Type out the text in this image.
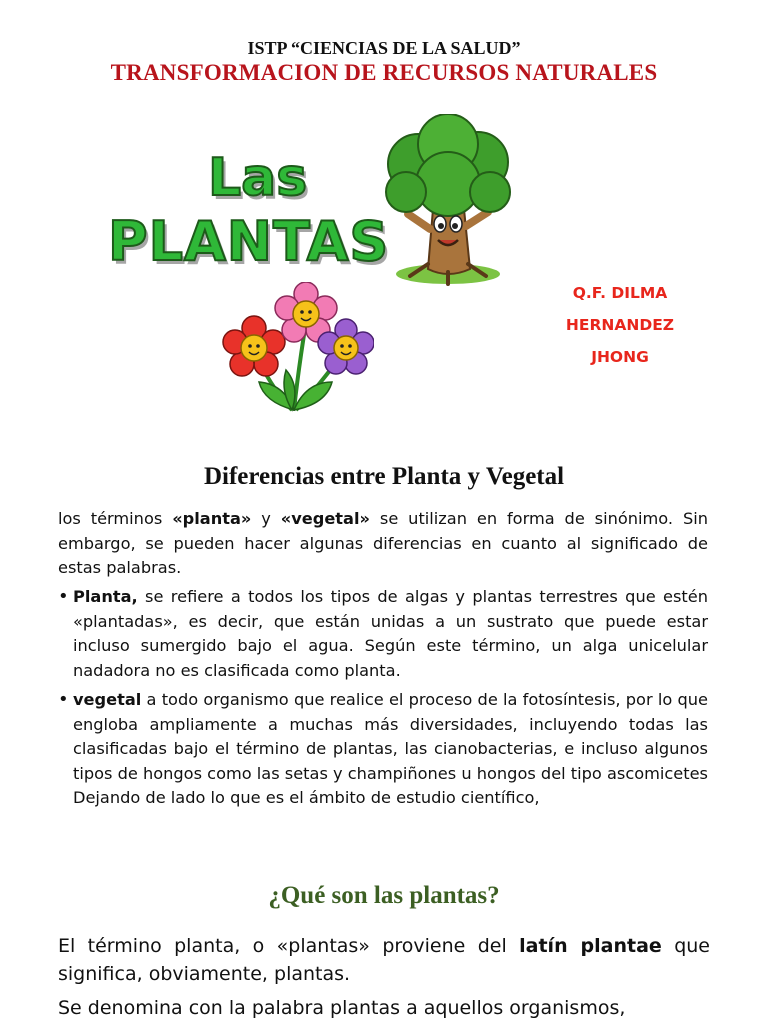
ISTP “CIENCIAS DE LA SALUD”
TRANSFORMACION DE RECURSOS NATURALES
Las
PLANTAS
Q.F. DILMA
HERNANDEZ
JHONG
Diferencias entre Planta y Vegetal
los términos «planta» y «vegetal» se utilizan en forma de sinónimo. Sin embargo, se pueden hacer algunas diferencias en cuanto al significado de estas palabras.
• Planta, se refiere a todos los tipos de algas y plantas terrestres que estén «plantadas», es decir, que están unidas a un sustrato que puede estar incluso sumergido bajo el agua. Según este término, un alga unicelular nadadora no es clasificada como planta.
• vegetal a todo organismo que realice el proceso de la fotosíntesis, por lo que engloba ampliamente a muchas más diversidades, incluyendo todas las clasificadas bajo el término de plantas, las cianobacterias, e incluso algunos tipos de hongos como las setas y champiñones u hongos del tipo ascomicetes Dejando de lado lo que es el ámbito de estudio científico,
¿Qué son las plantas?
El término planta, o «plantas» proviene del latín plantae que significa, obviamente, plantas.
Se denomina con la palabra plantas a aquellos organismos,
